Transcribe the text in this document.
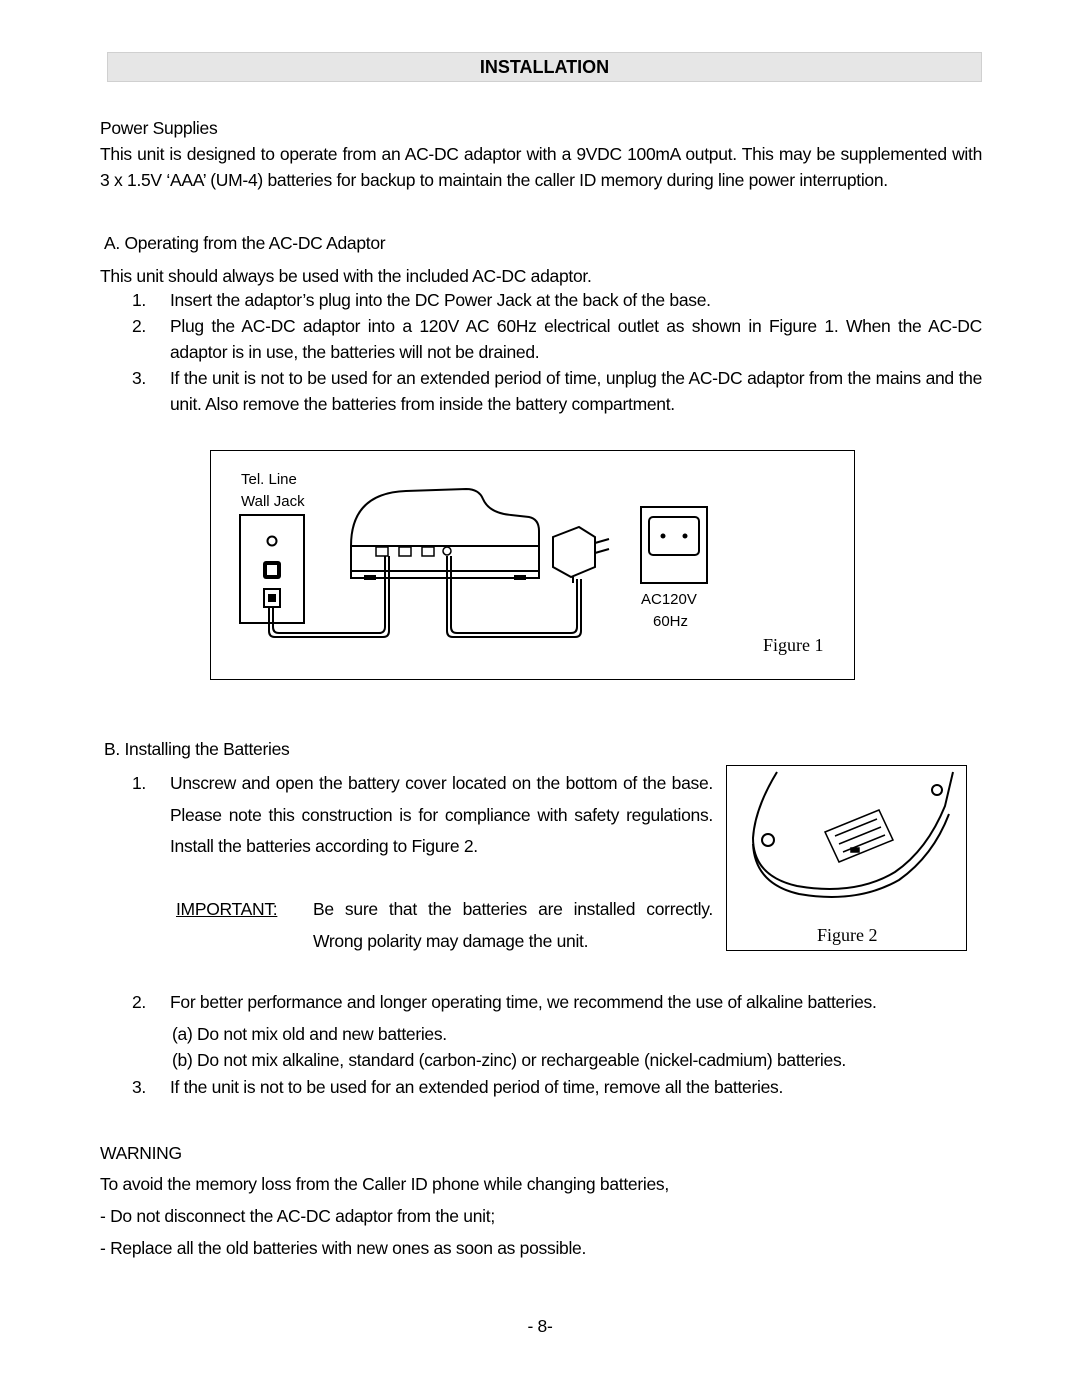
INSTALLATION
Power Supplies
This unit is designed to operate from an AC-DC adaptor with a 9VDC 100mA output. This may be supplemented with 3 x 1.5V ‘AAA’ (UM-4) batteries for backup to maintain the caller ID memory during line power interruption.
A. Operating from the AC-DC Adaptor
This unit should always be used with the included AC-DC adaptor.
1.	Insert the adaptor’s plug into the DC Power Jack at the back of the base.
2.	Plug the AC-DC adaptor into a 120V AC 60Hz electrical outlet as shown in Figure 1. When the AC-DC adaptor is in use, the batteries will not be drained.
3.	If the unit is not to be used for an extended period of time, unplug the AC-DC adaptor from the mains and the unit. Also remove the batteries from inside the battery compartment.
Tel. Line
Wall Jack
AC120V
60Hz
Figure 1
B. Installing the Batteries
1.	Unscrew and open the battery cover located on the bottom of the base. Please note this construction is for compliance with safety regulations. Install the batteries according to Figure 2.
IMPORTANT: Be sure that the batteries are installed correctly. Wrong polarity may damage the unit.	Figure 2
2.	For better performance and longer operating time, we recommend the use of alkaline batteries.
(a) Do not mix old and new batteries.
(b) Do not mix alkaline, standard (carbon-zinc) or rechargeable (nickel-cadmium) batteries.
3.	If the unit is not to be used for an extended period of time, remove all the batteries.
WARNING
To avoid the memory loss from the Caller ID phone while changing batteries,
- Do not disconnect the AC-DC adaptor from the unit;
- Replace all the old batteries with new ones as soon as possible.
- 8-
